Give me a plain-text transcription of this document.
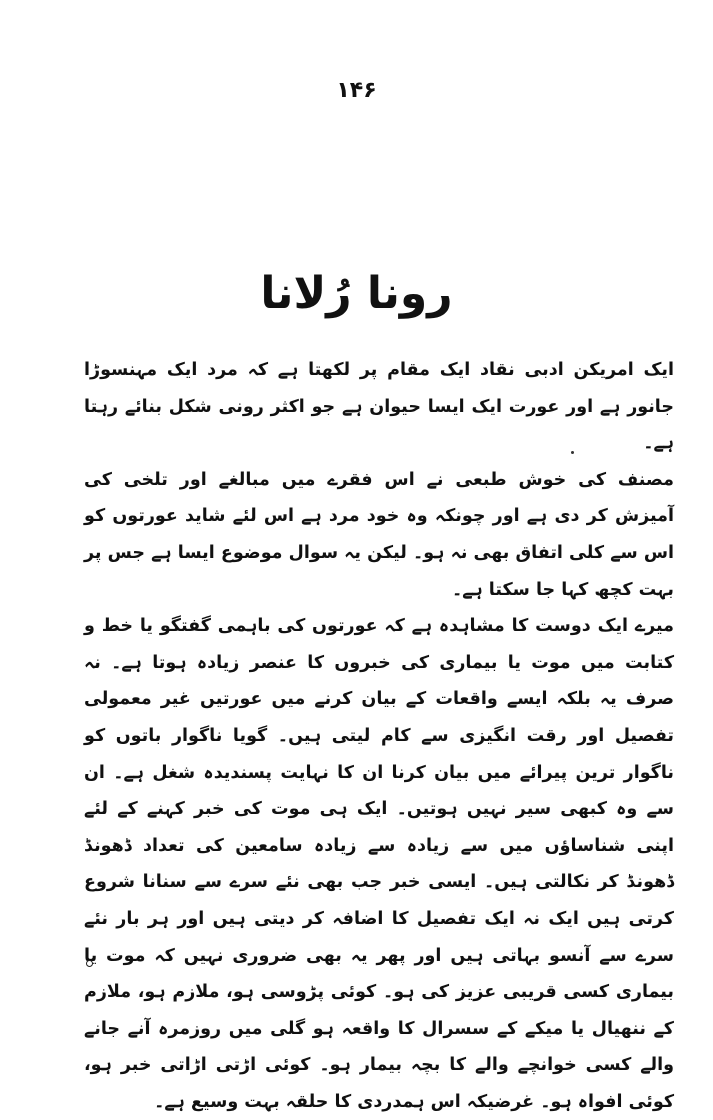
۱۴۶
رونا رُلانا

ایک امریکن ادبی نقاد ایک مقام پر لکھتا ہے کہ مرد ایک مہنسوڑا جانور ہے اور عورت ایک ایسا حیوان ہے جو اکثر رونی شکل بنائے رہتا ہے۔

مصنف کی خوش طبعی نے اس فقرے میں مبالغے اور تلخی کی آمیزش کر دی ہے اور چونکہ وہ خود مرد ہے اس لئے شاید عورتوں کو اس سے کلی اتفاق بھی نہ ہو۔ لیکن یہ سوال موضوع ایسا ہے جس پر بہت کچھ کہا جا سکتا ہے۔

میرے ایک دوست کا مشاہدہ ہے کہ عورتوں کی باہمی گفتگو یا خط و کتابت میں موت یا بیماری کی خبروں کا عنصر زیادہ ہوتا ہے۔ نہ صرف یہ بلکہ ایسے واقعات کے بیان کرنے میں عورتیں غیر معمولی تفصیل اور رقت انگیزی سے کام لیتی ہیں۔ گویا ناگوار باتوں کو ناگوار ترین پیرائے میں بیان کرنا ان کا نہایت پسندیدہ شغل ہے۔ ان سے وہ کبھی سیر نہیں ہوتیں۔ ایک ہی موت کی خبر کہنے کے لئے اپنی شناساؤں میں سے زیادہ سے زیادہ سامعین کی تعداد ڈھونڈ ڈھونڈ کر نکالتی ہیں۔ ایسی خبر جب بھی نئے سرے سے سنانا شروع کرتی ہیں ایک نہ ایک تفصیل کا اضافہ کر دیتی ہیں اور ہر بار نئے سرے سے آنسو بہاتی ہیں اور پھر یہ بھی ضروری نہیں کہ موت یا بیماری کسی قریبی عزیز کی ہو۔ کوئی پڑوسی ہو، ملازم ہو، ملازم کے ننھیال یا میکے کے سسرال کا واقعہ ہو گلی میں روزمرہ آنے جانے والے کسی خوانچے والے کا بچہ بیمار ہو۔ کوئی اڑتی اڑاتی خبر ہو، کوئی افواہ ہو۔ غرضیکہ اس ہمدردی کا حلقہ بہت وسیع ہے۔
